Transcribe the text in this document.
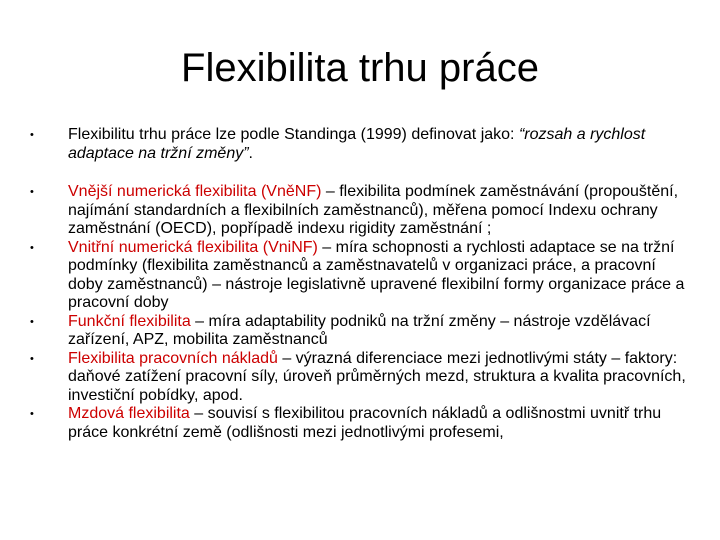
Flexibilita trhu práce
• Flexibilitu trhu práce lze podle Standinga (1999) definovat jako: “rozsah a rychlost adaptace na tržní změny”.
• Vnější numerická flexibilita (VněNF) – flexibilita podmínek zaměstnávání (propouštění, najímání standardních a flexibilních zaměstnanců), měřena pomocí Indexu ochrany zaměstnání (OECD), popřípadě indexu rigidity zaměstnání ;
• Vnitřní numerická flexibilita (VniNF) – míra schopnosti a rychlosti adaptace se na tržní podmínky (flexibilita zaměstnanců a zaměstnavatelů v organizaci práce, a pracovní doby zaměstnanců) – nástroje legislativně upravené flexibilní formy organizace práce a pracovní doby
• Funkční flexibilita – míra adaptability podniků na tržní změny – nástroje vzdělávací zařízení, APZ, mobilita zaměstnanců
• Flexibilita pracovních nákladů – výrazná diferenciace mezi jednotlivými státy – faktory: daňové zatížení pracovní síly, úroveň průměrných mezd, struktura a kvalita pracovních, investiční pobídky, apod.
• Mzdová flexibilita – souvisí s flexibilitou pracovních nákladů a odlišnostmi uvnitř trhu práce konkrétní země (odlišnosti mezi jednotlivými profesemi,
